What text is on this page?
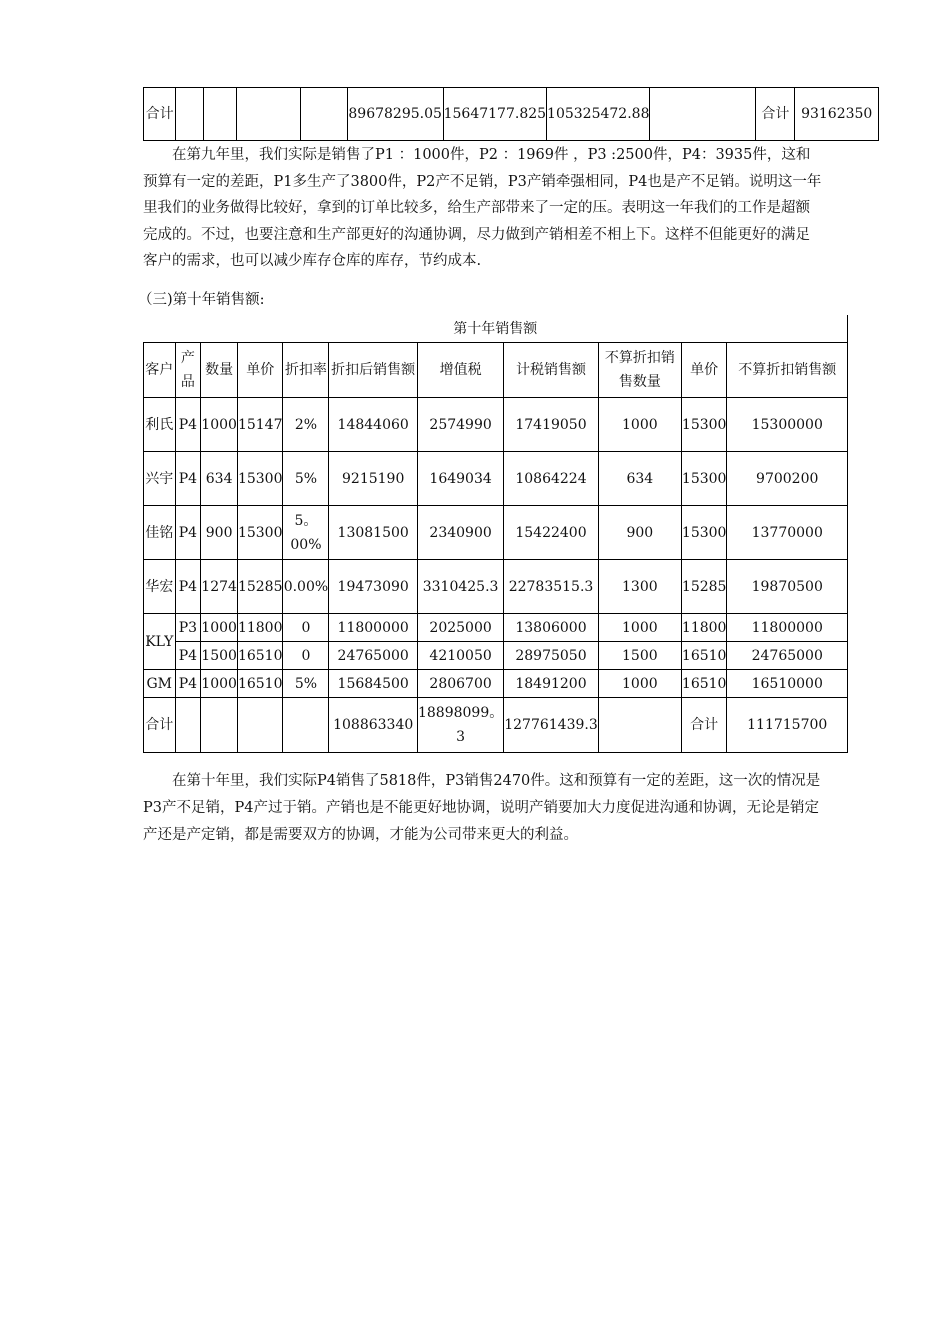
合计					89678295.05	15647177.825	105325472.88		合计	93162350

在第九年里，我们实际是销售了P1 ：1000件，P2 ：1969件 ，P3 :2500件，P4：3935件，这和预算有一定的差距，P1多生产了3800件，P2产不足销，P3产销牵强相同，P4也是产不足销。说明这一年里我们的业务做得比较好，拿到的订单比较多，给生产部带来了一定的压。表明这一年我们的工作是超额完成的。不过，也要注意和生产部更好的沟通协调，尽力做到产销相差不相上下。这样不但能更好的满足客户的需求，也可以减少库存仓库的库存，节约成本.

（三)第十年销售额:
第十年销售额										
客户	产品	数量	单价	折扣率	折扣后销售额	增值税	计税销售额	不算折扣销售数量	单价	不算折扣销售额
利氏	P4	1000	15147	2%	14844060	2574990	17419050	1000	15300	15300000
兴宇	P4	634	15300	5%	9215190	1649034	10864224	634	15300	9700200
佳铭	P4	900	15300	5。00%	13081500	2340900	15422400	900	15300	13770000
华宏	P4	1274	15285	0.00%	19473090	3310425.3	22783515.3	1300	15285	19870500
KLY	P3	1000	11800	0	11800000	2025000	13806000	1000	11800	11800000
	P4	1500	16510	0	24765000	4210050	28975050	1500	16510	24765000
GM	P4	1000	16510	5%	15684500	2806700	18491200	1000	16510	16510000
合计					108863340	18898099。3	127761439.3		合计	111715700

在第十年里，我们实际P4销售了5818件，P3销售2470件。这和预算有一定的差距，这一次的情况是P3产不足销，P4产过于销。产销也是不能更好地协调，说明产销要加大力度促进沟通和协调，无论是销定产还是产定销，都是需要双方的协调，才能为公司带来更大的利益。
